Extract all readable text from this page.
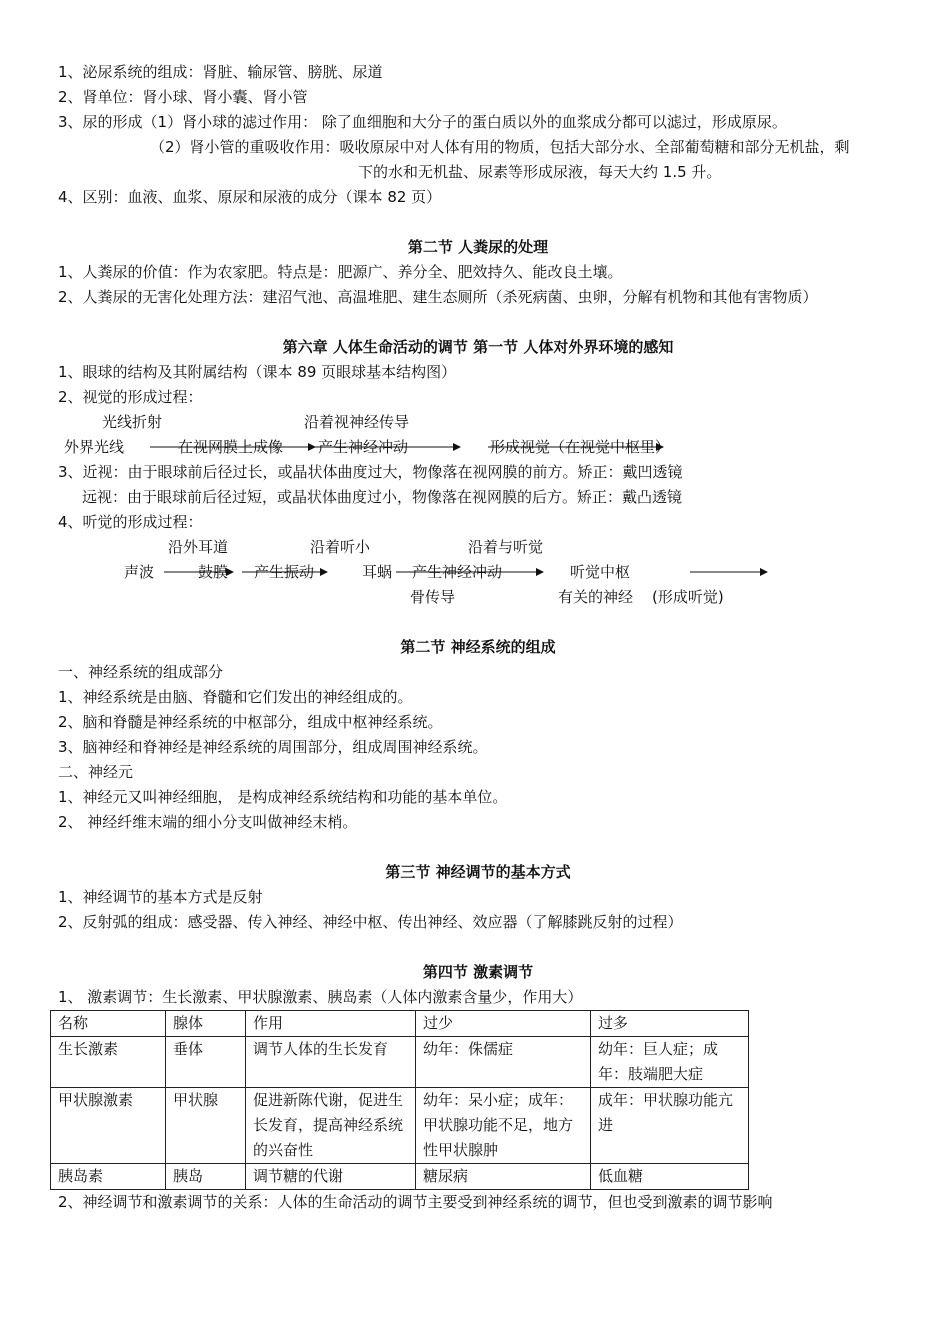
1、泌尿系统的组成：肾脏、输尿管、膀胱、尿道
2、肾单位：肾小球、肾小囊、肾小管
3、尿的形成（1）肾小球的滤过作用： 除了血细胞和大分子的蛋白质以外的血浆成分都可以滤过，形成原尿。
（2）肾小管的重吸收作用：吸收原尿中对人体有用的物质，包括大部分水、全部葡萄糖和部分无机盐，剩
下的水和无机盐、尿素等形成尿液，每天大约 1.5 升。
4、区别：血液、血浆、原尿和尿液的成分（课本 82 页）
第二节 人粪尿的处理
1、人粪尿的价值：作为农家肥。特点是：肥源广、养分全、肥效持久、能改良土壤。
2、人粪尿的无害化处理方法：建沼气池、高温堆肥、建生态厕所（杀死病菌、虫卵，分解有机物和其他有害物质）
第六章 人体生命活动的调节 第一节 人体对外界环境的感知
1、眼球的结构及其附属结构（课本 89 页眼球基本结构图）
2、视觉的形成过程：
光线折射	沿着视神经传导
外界光线	在视网膜上成像 产生神经冲动	形成视觉（在视觉中枢里）
3、近视：由于眼球前后径过长，或晶状体曲度过大，物像落在视网膜的前方。矫正：戴凹透镜
远视：由于眼球前后径过短，或晶状体曲度过小，物像落在视网膜的后方。矫正：戴凸透镜
4、听觉的形成过程：
沿外耳道	沿着听小	沿着与听觉
声波	鼓膜 产生振动	耳蜗 产生神经冲动	听觉中枢
骨传导	有关的神经 (形成听觉)
第二节 神经系统的组成
一、神经系统的组成部分
1、神经系统是由脑、脊髓和它们发出的神经组成的。
2、脑和脊髓是神经系统的中枢部分，组成中枢神经系统。
3、脑神经和脊神经是神经系统的周围部分，组成周围神经系统。
二、神经元
1、神经元又叫神经细胞， 是构成神经系统结构和功能的基本单位。
2、 神经纤维末端的细小分支叫做神经末梢。
第三节 神经调节的基本方式
1、神经调节的基本方式是反射
2、反射弧的组成：感受器、传入神经、神经中枢、传出神经、效应器（了解膝跳反射的过程）
第四节 激素调节
1、 激素调节：生长激素、甲状腺激素、胰岛素（人体内激素含量少，作用大）
名称	腺体	作用	过少	过多
生长激素	垂体	调节人体的生长发育	幼年：侏儒症	幼年：巨人症；成年：肢端肥大症
甲状腺激素	甲状腺	促进新陈代谢，促进生长发育，提高神经系统的兴奋性	幼年：呆小症；成年：甲状腺功能不足，地方性甲状腺肿	成年：甲状腺功能亢进
胰岛素	胰岛	调节糖的代谢	糖尿病	低血糖
2、神经调节和激素调节的关系：人体的生命活动的调节主要受到神经系统的调节，但也受到激素的调节影响
